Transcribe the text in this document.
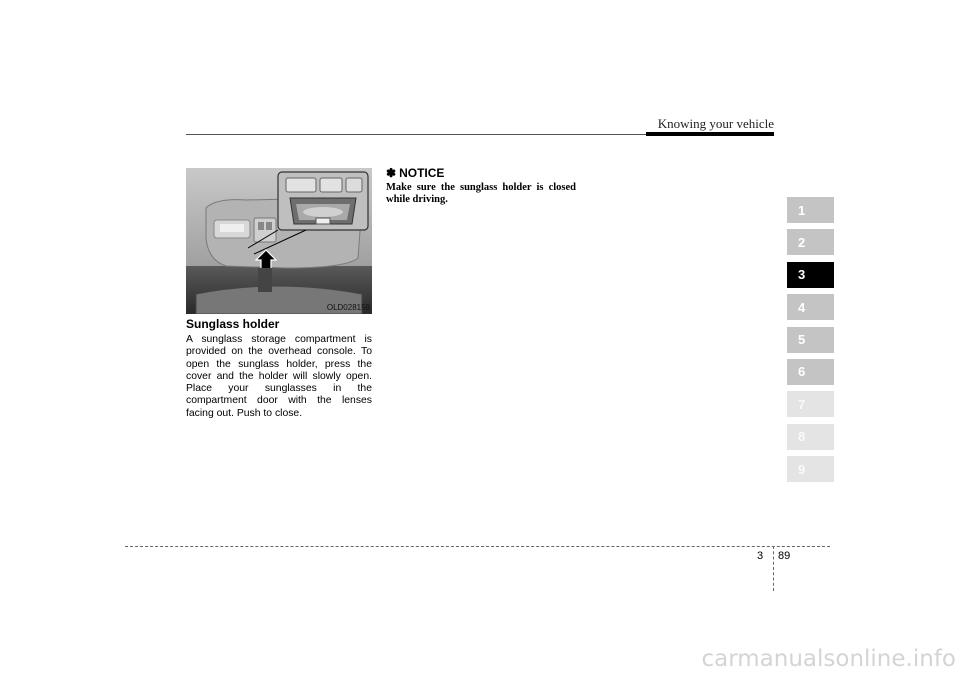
Knowing your vehicle
OLD028159
Sunglass holder
A sunglass storage compartment is provided on the overhead console. To open the sunglass holder, press the cover and the holder will slowly open. Place your sunglasses in the compartment door with the lenses facing out. Push to close.
✽ NOTICE
Make sure the sunglass holder is closed while driving.
1
2
3
4
5
6
7
8
9
3 89
carmanualsonline.info
